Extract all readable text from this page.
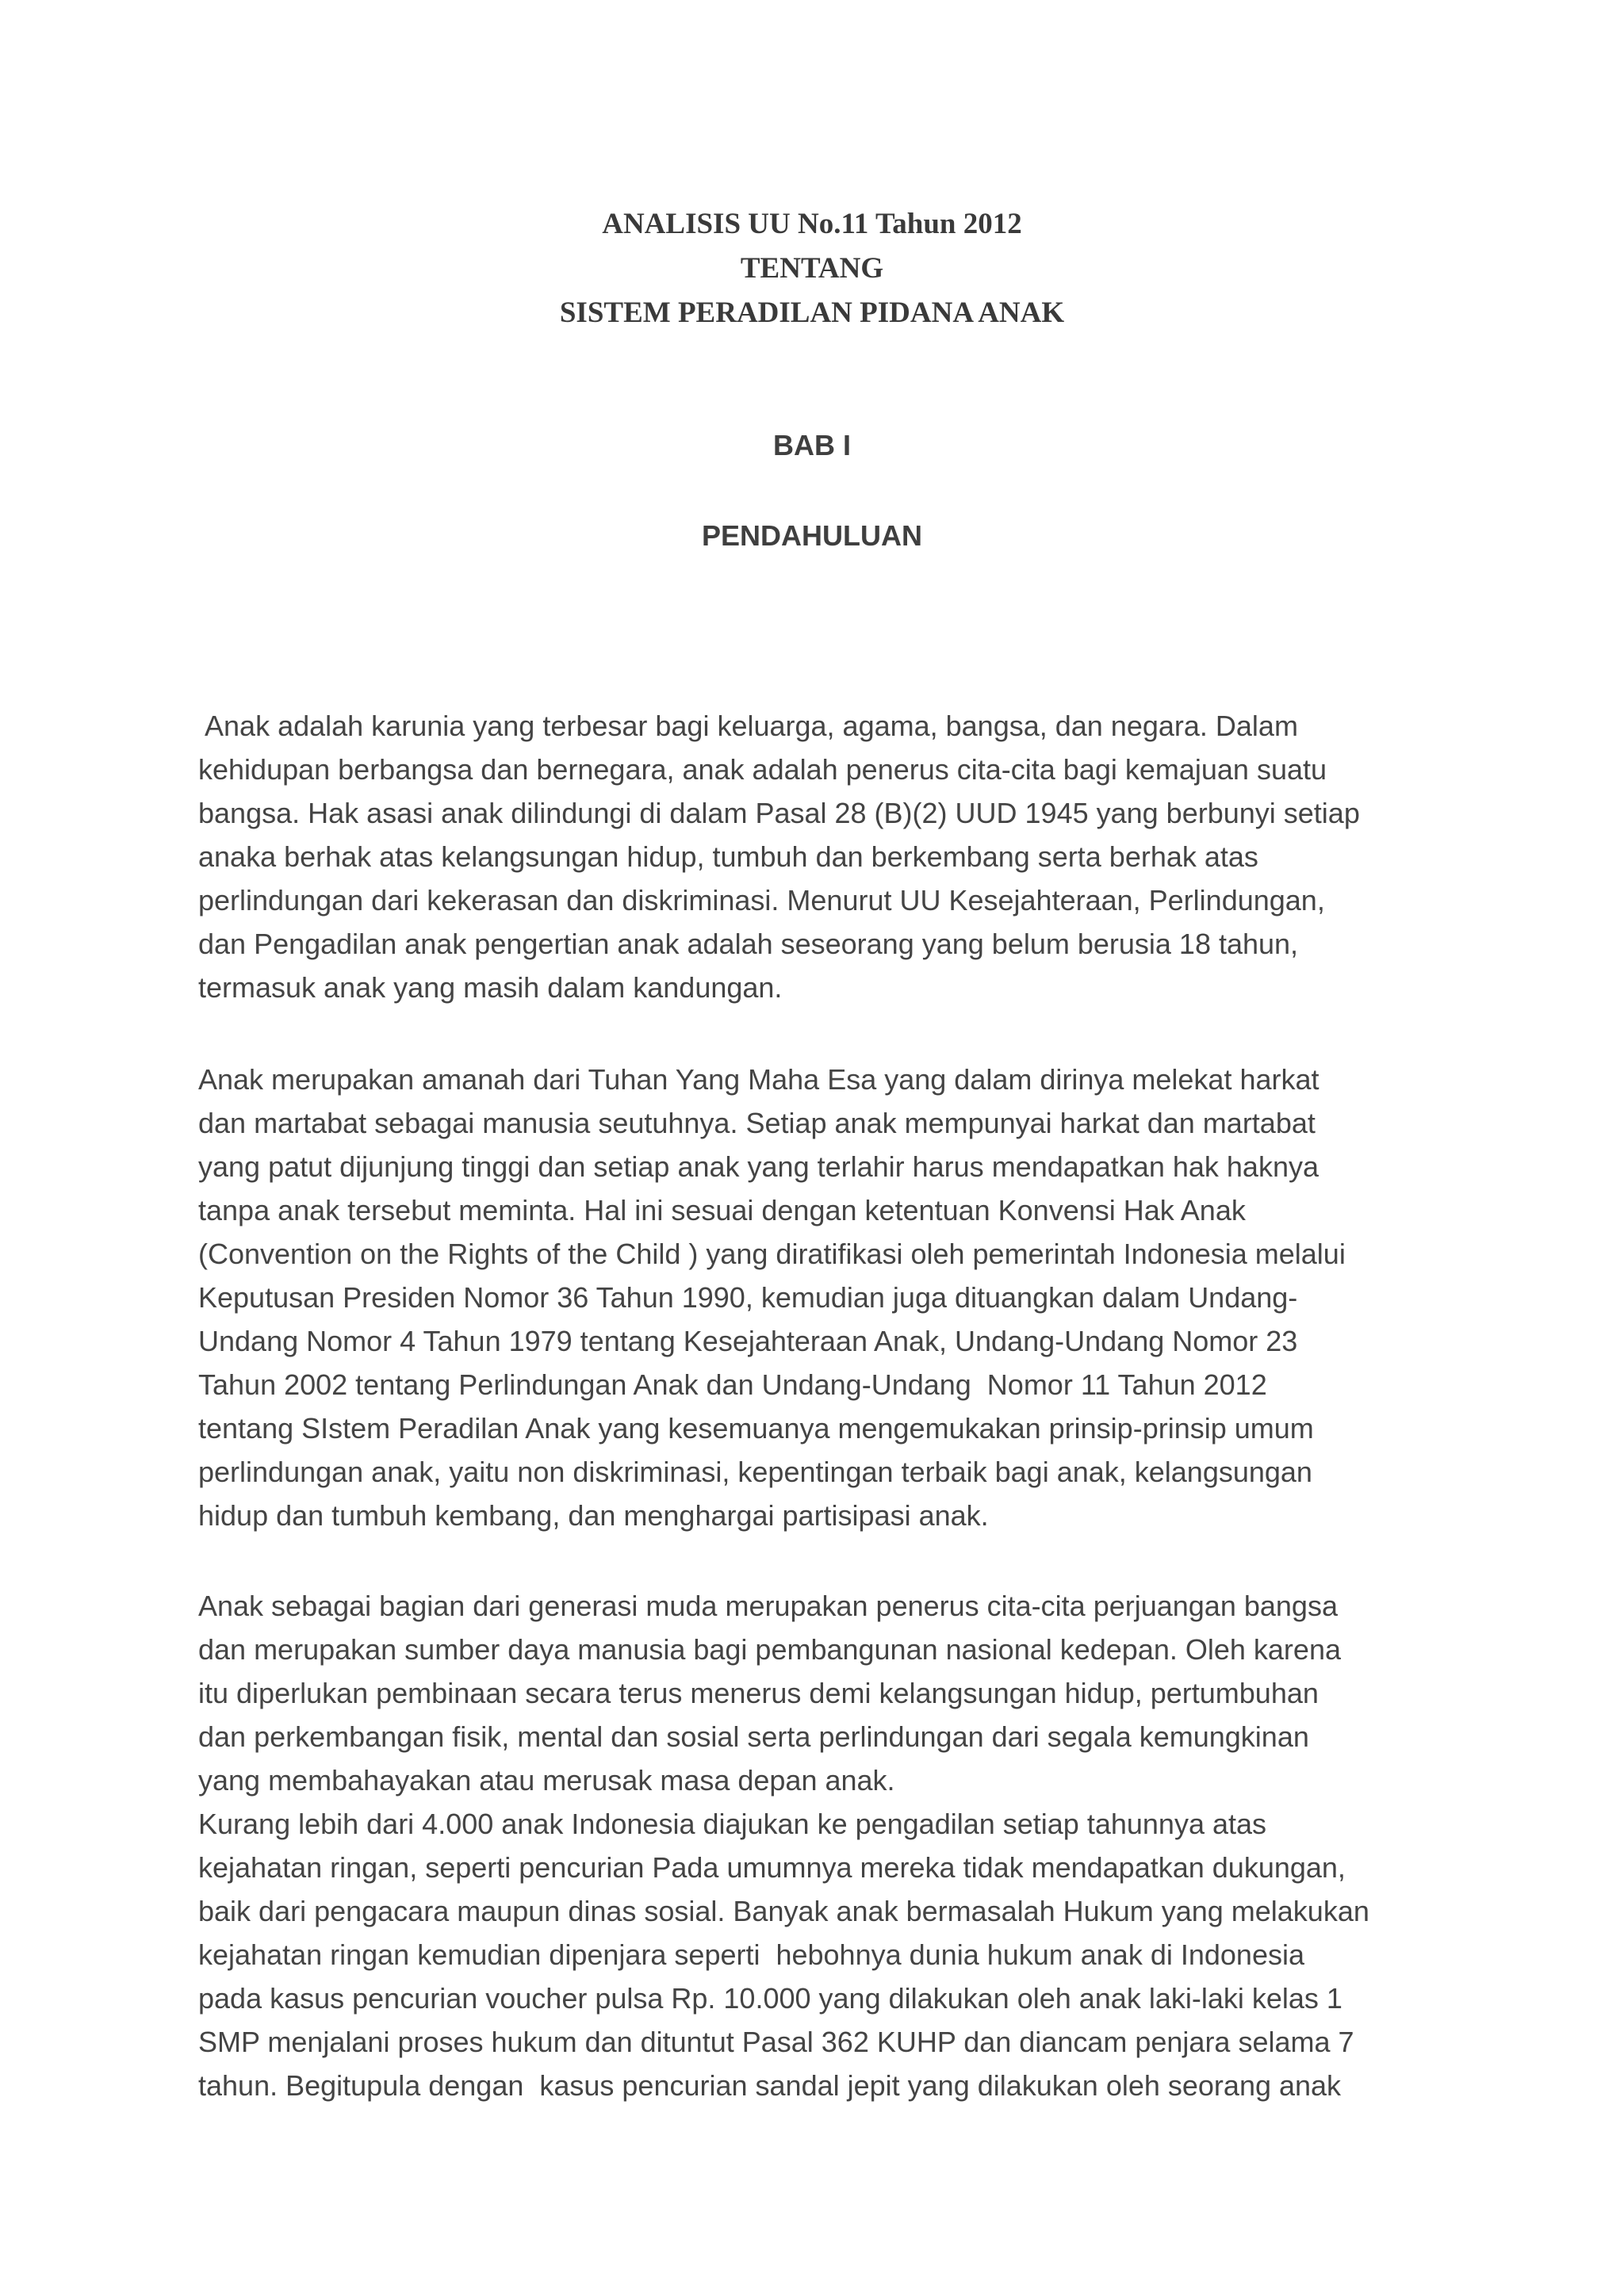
ANALISIS UU No.11 Tahun 2012
TENTANG
SISTEM PERADILAN PIDANA ANAK
BAB I
PENDAHULUAN
Anak adalah karunia yang terbesar bagi keluarga, agama, bangsa, dan negara. Dalam
kehidupan berbangsa dan bernegara, anak adalah penerus cita-cita bagi kemajuan suatu
bangsa. Hak asasi anak dilindungi di dalam Pasal 28 (B)(2) UUD 1945 yang berbunyi setiap
anaka berhak atas kelangsungan hidup, tumbuh dan berkembang serta berhak atas
perlindungan dari kekerasan dan diskriminasi. Menurut UU Kesejahteraan, Perlindungan,
dan Pengadilan anak pengertian anak adalah seseorang yang belum berusia 18 tahun,
termasuk anak yang masih dalam kandungan.
Anak merupakan amanah dari Tuhan Yang Maha Esa yang dalam dirinya melekat harkat
dan martabat sebagai manusia seutuhnya. Setiap anak mempunyai harkat dan martabat
yang patut dijunjung tinggi dan setiap anak yang terlahir harus mendapatkan hak haknya
tanpa anak tersebut meminta. Hal ini sesuai dengan ketentuan Konvensi Hak Anak
(Convention on the Rights of the Child ) yang diratifikasi oleh pemerintah Indonesia melalui
Keputusan Presiden Nomor 36 Tahun 1990, kemudian juga dituangkan dalam Undang-
Undang Nomor 4 Tahun 1979 tentang Kesejahteraan Anak, Undang-Undang Nomor 23
Tahun 2002 tentang Perlindungan Anak dan Undang-Undang  Nomor 11 Tahun 2012
tentang SIstem Peradilan Anak yang kesemuanya mengemukakan prinsip-prinsip umum
perlindungan anak, yaitu non diskriminasi, kepentingan terbaik bagi anak, kelangsungan
hidup dan tumbuh kembang, dan menghargai partisipasi anak.
Anak sebagai bagian dari generasi muda merupakan penerus cita-cita perjuangan bangsa
dan merupakan sumber daya manusia bagi pembangunan nasional kedepan. Oleh karena
itu diperlukan pembinaan secara terus menerus demi kelangsungan hidup, pertumbuhan
dan perkembangan fisik, mental dan sosial serta perlindungan dari segala kemungkinan
yang membahayakan atau merusak masa depan anak.
Kurang lebih dari 4.000 anak Indonesia diajukan ke pengadilan setiap tahunnya atas
kejahatan ringan, seperti pencurian Pada umumnya mereka tidak mendapatkan dukungan,
baik dari pengacara maupun dinas sosial. Banyak anak bermasalah Hukum yang melakukan
kejahatan ringan kemudian dipenjara seperti  hebohnya dunia hukum anak di Indonesia
pada kasus pencurian voucher pulsa Rp. 10.000 yang dilakukan oleh anak laki-laki kelas 1
SMP menjalani proses hukum dan dituntut Pasal 362 KUHP dan diancam penjara selama 7
tahun. Begitupula dengan  kasus pencurian sandal jepit yang dilakukan oleh seorang anak
